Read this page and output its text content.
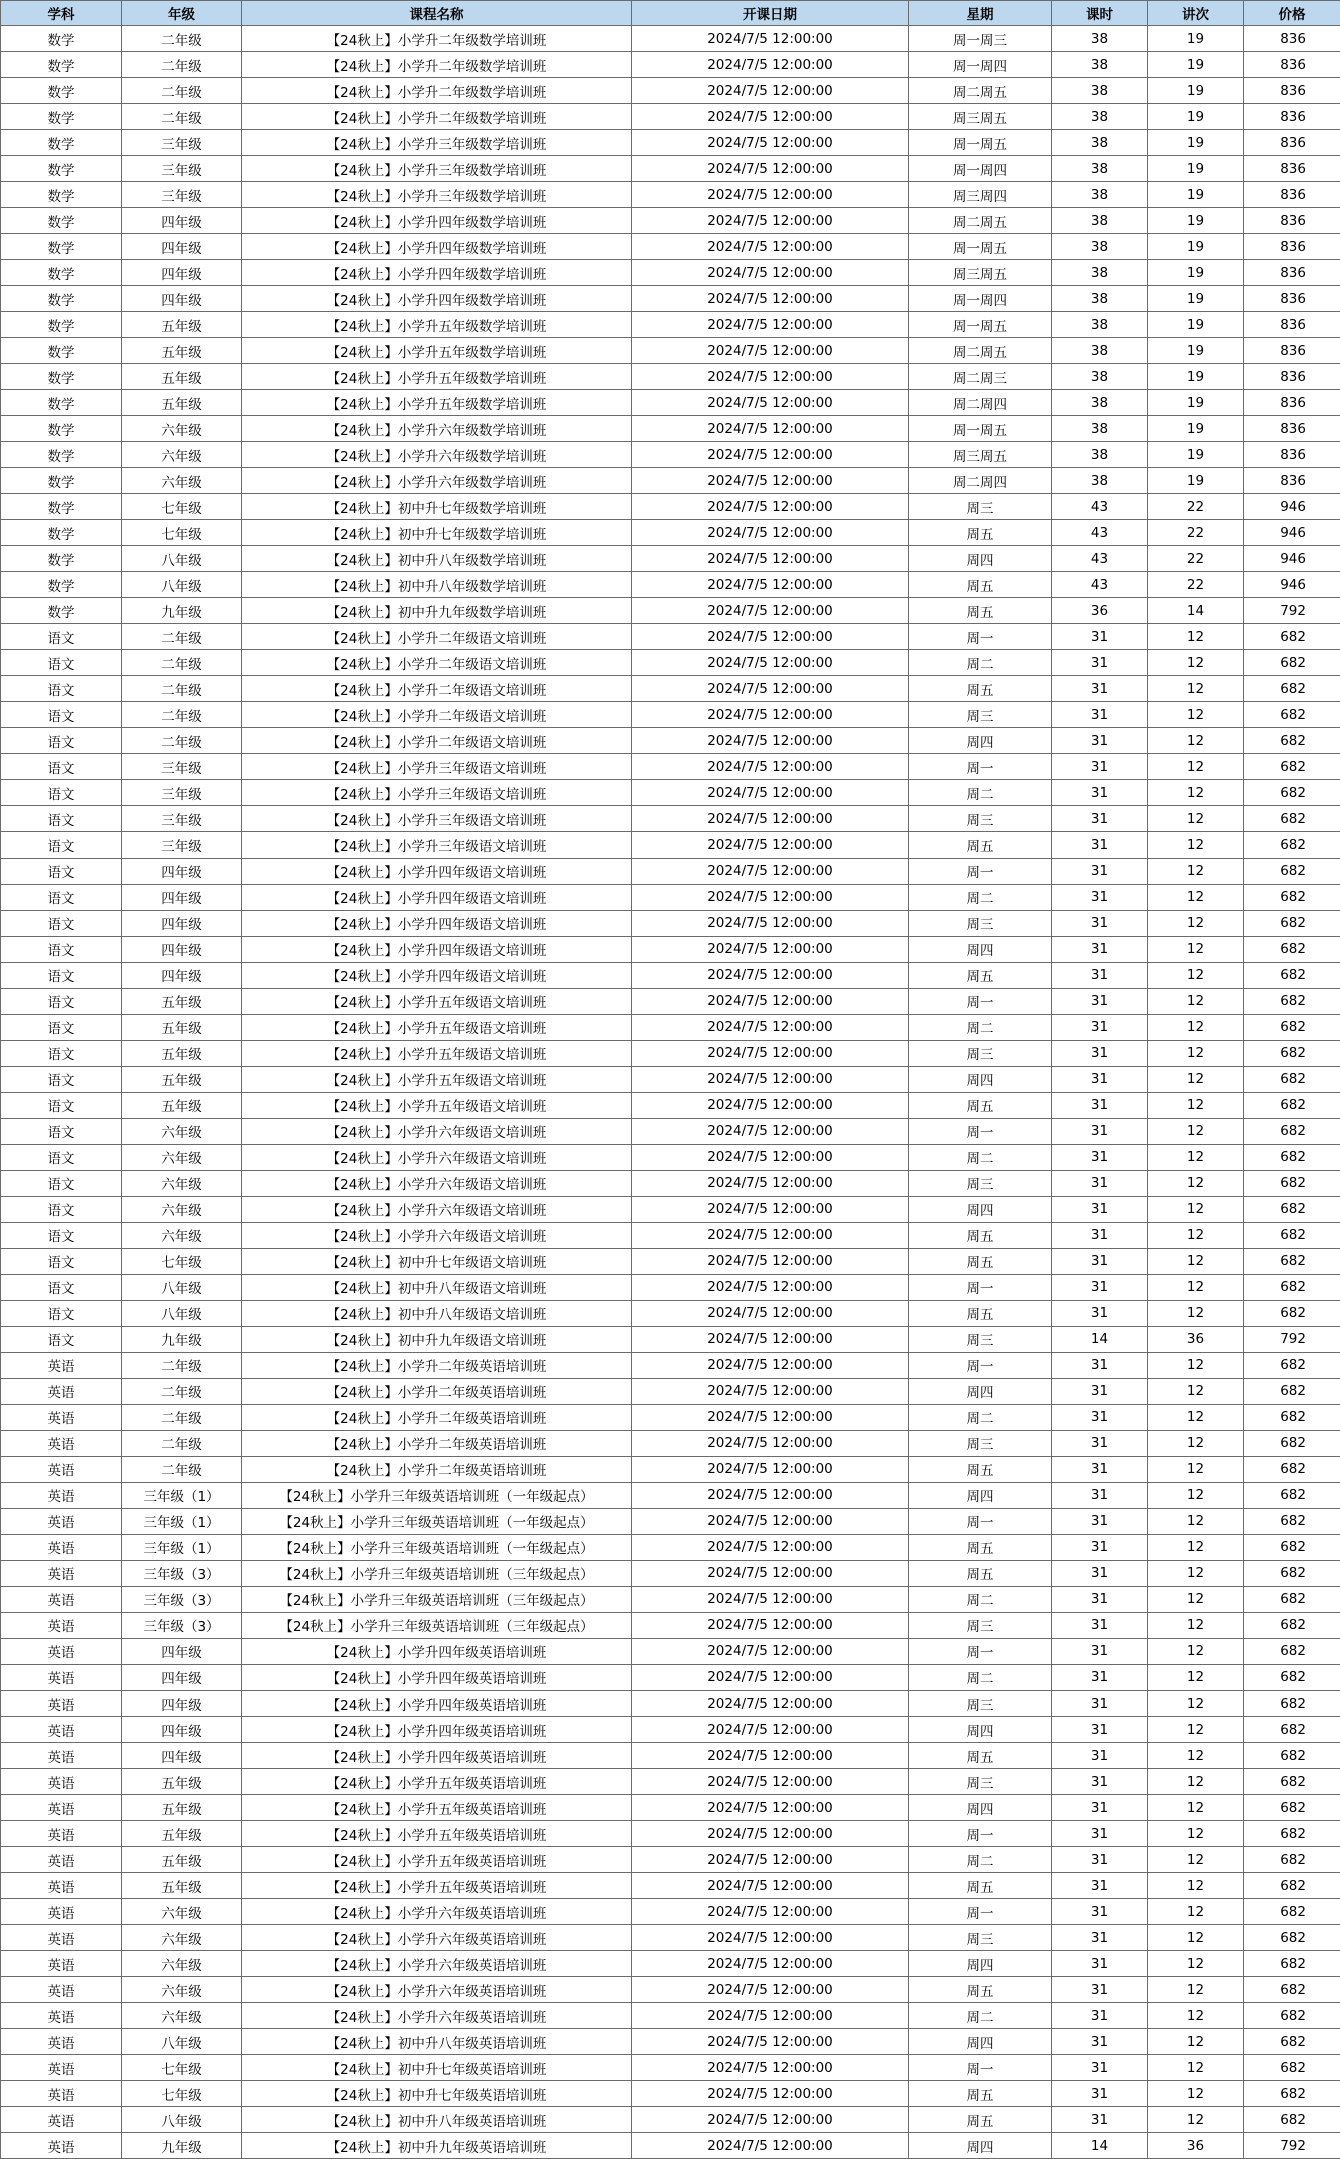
学科	年级	课程名称	开课日期	星期	课时	讲次	价格
数学	二年级	【24秋上】小学升二年级数学培训班	2024/7/5 12:00:00	周一周三	38	19	836
数学	二年级	【24秋上】小学升二年级数学培训班	2024/7/5 12:00:00	周一周四	38	19	836
数学	二年级	【24秋上】小学升二年级数学培训班	2024/7/5 12:00:00	周二周五	38	19	836
数学	二年级	【24秋上】小学升二年级数学培训班	2024/7/5 12:00:00	周三周五	38	19	836
数学	三年级	【24秋上】小学升三年级数学培训班	2024/7/5 12:00:00	周一周五	38	19	836
数学	三年级	【24秋上】小学升三年级数学培训班	2024/7/5 12:00:00	周一周四	38	19	836
数学	三年级	【24秋上】小学升三年级数学培训班	2024/7/5 12:00:00	周三周四	38	19	836
数学	四年级	【24秋上】小学升四年级数学培训班	2024/7/5 12:00:00	周二周五	38	19	836
数学	四年级	【24秋上】小学升四年级数学培训班	2024/7/5 12:00:00	周一周五	38	19	836
数学	四年级	【24秋上】小学升四年级数学培训班	2024/7/5 12:00:00	周三周五	38	19	836
数学	四年级	【24秋上】小学升四年级数学培训班	2024/7/5 12:00:00	周一周四	38	19	836
数学	五年级	【24秋上】小学升五年级数学培训班	2024/7/5 12:00:00	周一周五	38	19	836
数学	五年级	【24秋上】小学升五年级数学培训班	2024/7/5 12:00:00	周二周五	38	19	836
数学	五年级	【24秋上】小学升五年级数学培训班	2024/7/5 12:00:00	周二周三	38	19	836
数学	五年级	【24秋上】小学升五年级数学培训班	2024/7/5 12:00:00	周二周四	38	19	836
数学	六年级	【24秋上】小学升六年级数学培训班	2024/7/5 12:00:00	周一周五	38	19	836
数学	六年级	【24秋上】小学升六年级数学培训班	2024/7/5 12:00:00	周三周五	38	19	836
数学	六年级	【24秋上】小学升六年级数学培训班	2024/7/5 12:00:00	周二周四	38	19	836
数学	七年级	【24秋上】初中升七年级数学培训班	2024/7/5 12:00:00	周三	43	22	946
数学	七年级	【24秋上】初中升七年级数学培训班	2024/7/5 12:00:00	周五	43	22	946
数学	八年级	【24秋上】初中升八年级数学培训班	2024/7/5 12:00:00	周四	43	22	946
数学	八年级	【24秋上】初中升八年级数学培训班	2024/7/5 12:00:00	周五	43	22	946
数学	九年级	【24秋上】初中升九年级数学培训班	2024/7/5 12:00:00	周五	36	14	792
语文	二年级	【24秋上】小学升二年级语文培训班	2024/7/5 12:00:00	周一	31	12	682
语文	二年级	【24秋上】小学升二年级语文培训班	2024/7/5 12:00:00	周二	31	12	682
语文	二年级	【24秋上】小学升二年级语文培训班	2024/7/5 12:00:00	周五	31	12	682
语文	二年级	【24秋上】小学升二年级语文培训班	2024/7/5 12:00:00	周三	31	12	682
语文	二年级	【24秋上】小学升二年级语文培训班	2024/7/5 12:00:00	周四	31	12	682
语文	三年级	【24秋上】小学升三年级语文培训班	2024/7/5 12:00:00	周一	31	12	682
语文	三年级	【24秋上】小学升三年级语文培训班	2024/7/5 12:00:00	周二	31	12	682
语文	三年级	【24秋上】小学升三年级语文培训班	2024/7/5 12:00:00	周三	31	12	682
语文	三年级	【24秋上】小学升三年级语文培训班	2024/7/5 12:00:00	周五	31	12	682
语文	四年级	【24秋上】小学升四年级语文培训班	2024/7/5 12:00:00	周一	31	12	682
语文	四年级	【24秋上】小学升四年级语文培训班	2024/7/5 12:00:00	周二	31	12	682
语文	四年级	【24秋上】小学升四年级语文培训班	2024/7/5 12:00:00	周三	31	12	682
语文	四年级	【24秋上】小学升四年级语文培训班	2024/7/5 12:00:00	周四	31	12	682
语文	四年级	【24秋上】小学升四年级语文培训班	2024/7/5 12:00:00	周五	31	12	682
语文	五年级	【24秋上】小学升五年级语文培训班	2024/7/5 12:00:00	周一	31	12	682
语文	五年级	【24秋上】小学升五年级语文培训班	2024/7/5 12:00:00	周二	31	12	682
语文	五年级	【24秋上】小学升五年级语文培训班	2024/7/5 12:00:00	周三	31	12	682
语文	五年级	【24秋上】小学升五年级语文培训班	2024/7/5 12:00:00	周四	31	12	682
语文	五年级	【24秋上】小学升五年级语文培训班	2024/7/5 12:00:00	周五	31	12	682
语文	六年级	【24秋上】小学升六年级语文培训班	2024/7/5 12:00:00	周一	31	12	682
语文	六年级	【24秋上】小学升六年级语文培训班	2024/7/5 12:00:00	周二	31	12	682
语文	六年级	【24秋上】小学升六年级语文培训班	2024/7/5 12:00:00	周三	31	12	682
语文	六年级	【24秋上】小学升六年级语文培训班	2024/7/5 12:00:00	周四	31	12	682
语文	六年级	【24秋上】小学升六年级语文培训班	2024/7/5 12:00:00	周五	31	12	682
语文	七年级	【24秋上】初中升七年级语文培训班	2024/7/5 12:00:00	周五	31	12	682
语文	八年级	【24秋上】初中升八年级语文培训班	2024/7/5 12:00:00	周一	31	12	682
语文	八年级	【24秋上】初中升八年级语文培训班	2024/7/5 12:00:00	周五	31	12	682
语文	九年级	【24秋上】初中升九年级语文培训班	2024/7/5 12:00:00	周三	14	36	792
英语	二年级	【24秋上】小学升二年级英语培训班	2024/7/5 12:00:00	周一	31	12	682
英语	二年级	【24秋上】小学升二年级英语培训班	2024/7/5 12:00:00	周四	31	12	682
英语	二年级	【24秋上】小学升二年级英语培训班	2024/7/5 12:00:00	周二	31	12	682
英语	二年级	【24秋上】小学升二年级英语培训班	2024/7/5 12:00:00	周三	31	12	682
英语	二年级	【24秋上】小学升二年级英语培训班	2024/7/5 12:00:00	周五	31	12	682
英语	三年级（1）	【24秋上】小学升三年级英语培训班（一年级起点）	2024/7/5 12:00:00	周四	31	12	682
英语	三年级（1）	【24秋上】小学升三年级英语培训班（一年级起点）	2024/7/5 12:00:00	周一	31	12	682
英语	三年级（1）	【24秋上】小学升三年级英语培训班（一年级起点）	2024/7/5 12:00:00	周五	31	12	682
英语	三年级（3）	【24秋上】小学升三年级英语培训班（三年级起点）	2024/7/5 12:00:00	周五	31	12	682
英语	三年级（3）	【24秋上】小学升三年级英语培训班（三年级起点）	2024/7/5 12:00:00	周二	31	12	682
英语	三年级（3）	【24秋上】小学升三年级英语培训班（三年级起点）	2024/7/5 12:00:00	周三	31	12	682
英语	四年级	【24秋上】小学升四年级英语培训班	2024/7/5 12:00:00	周一	31	12	682
英语	四年级	【24秋上】小学升四年级英语培训班	2024/7/5 12:00:00	周二	31	12	682
英语	四年级	【24秋上】小学升四年级英语培训班	2024/7/5 12:00:00	周三	31	12	682
英语	四年级	【24秋上】小学升四年级英语培训班	2024/7/5 12:00:00	周四	31	12	682
英语	四年级	【24秋上】小学升四年级英语培训班	2024/7/5 12:00:00	周五	31	12	682
英语	五年级	【24秋上】小学升五年级英语培训班	2024/7/5 12:00:00	周三	31	12	682
英语	五年级	【24秋上】小学升五年级英语培训班	2024/7/5 12:00:00	周四	31	12	682
英语	五年级	【24秋上】小学升五年级英语培训班	2024/7/5 12:00:00	周一	31	12	682
英语	五年级	【24秋上】小学升五年级英语培训班	2024/7/5 12:00:00	周二	31	12	682
英语	五年级	【24秋上】小学升五年级英语培训班	2024/7/5 12:00:00	周五	31	12	682
英语	六年级	【24秋上】小学升六年级英语培训班	2024/7/5 12:00:00	周一	31	12	682
英语	六年级	【24秋上】小学升六年级英语培训班	2024/7/5 12:00:00	周三	31	12	682
英语	六年级	【24秋上】小学升六年级英语培训班	2024/7/5 12:00:00	周四	31	12	682
英语	六年级	【24秋上】小学升六年级英语培训班	2024/7/5 12:00:00	周五	31	12	682
英语	六年级	【24秋上】小学升六年级英语培训班	2024/7/5 12:00:00	周二	31	12	682
英语	八年级	【24秋上】初中升八年级英语培训班	2024/7/5 12:00:00	周四	31	12	682
英语	七年级	【24秋上】初中升七年级英语培训班	2024/7/5 12:00:00	周一	31	12	682
英语	七年级	【24秋上】初中升七年级英语培训班	2024/7/5 12:00:00	周五	31	12	682
英语	八年级	【24秋上】初中升八年级英语培训班	2024/7/5 12:00:00	周五	31	12	682
英语	九年级	【24秋上】初中升九年级英语培训班	2024/7/5 12:00:00	周四	14	36	792
